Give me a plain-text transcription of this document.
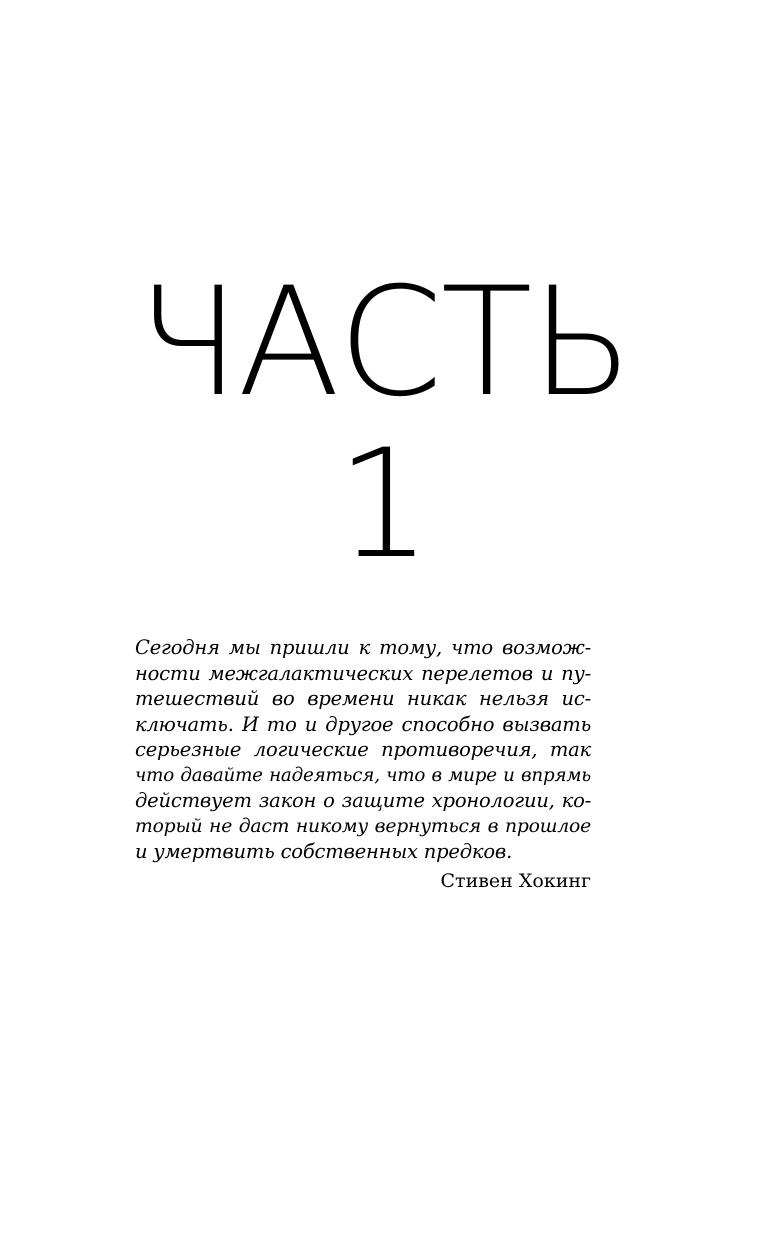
ЧАСТЬ
1
Сегодня мы пришли к тому, что возмож-
ности межгалактических перелетов и пу-
тешествий во времени никак нельзя ис-
ключать. И то и другое способно вызвать
серьезные логические противоречия, так
что давайте надеяться, что в мире и впрямь
действует закон о защите хронологии, ко-
торый не даст никому вернуться в прошлое
и умертвить собственных предков.
Стивен Хокинг
